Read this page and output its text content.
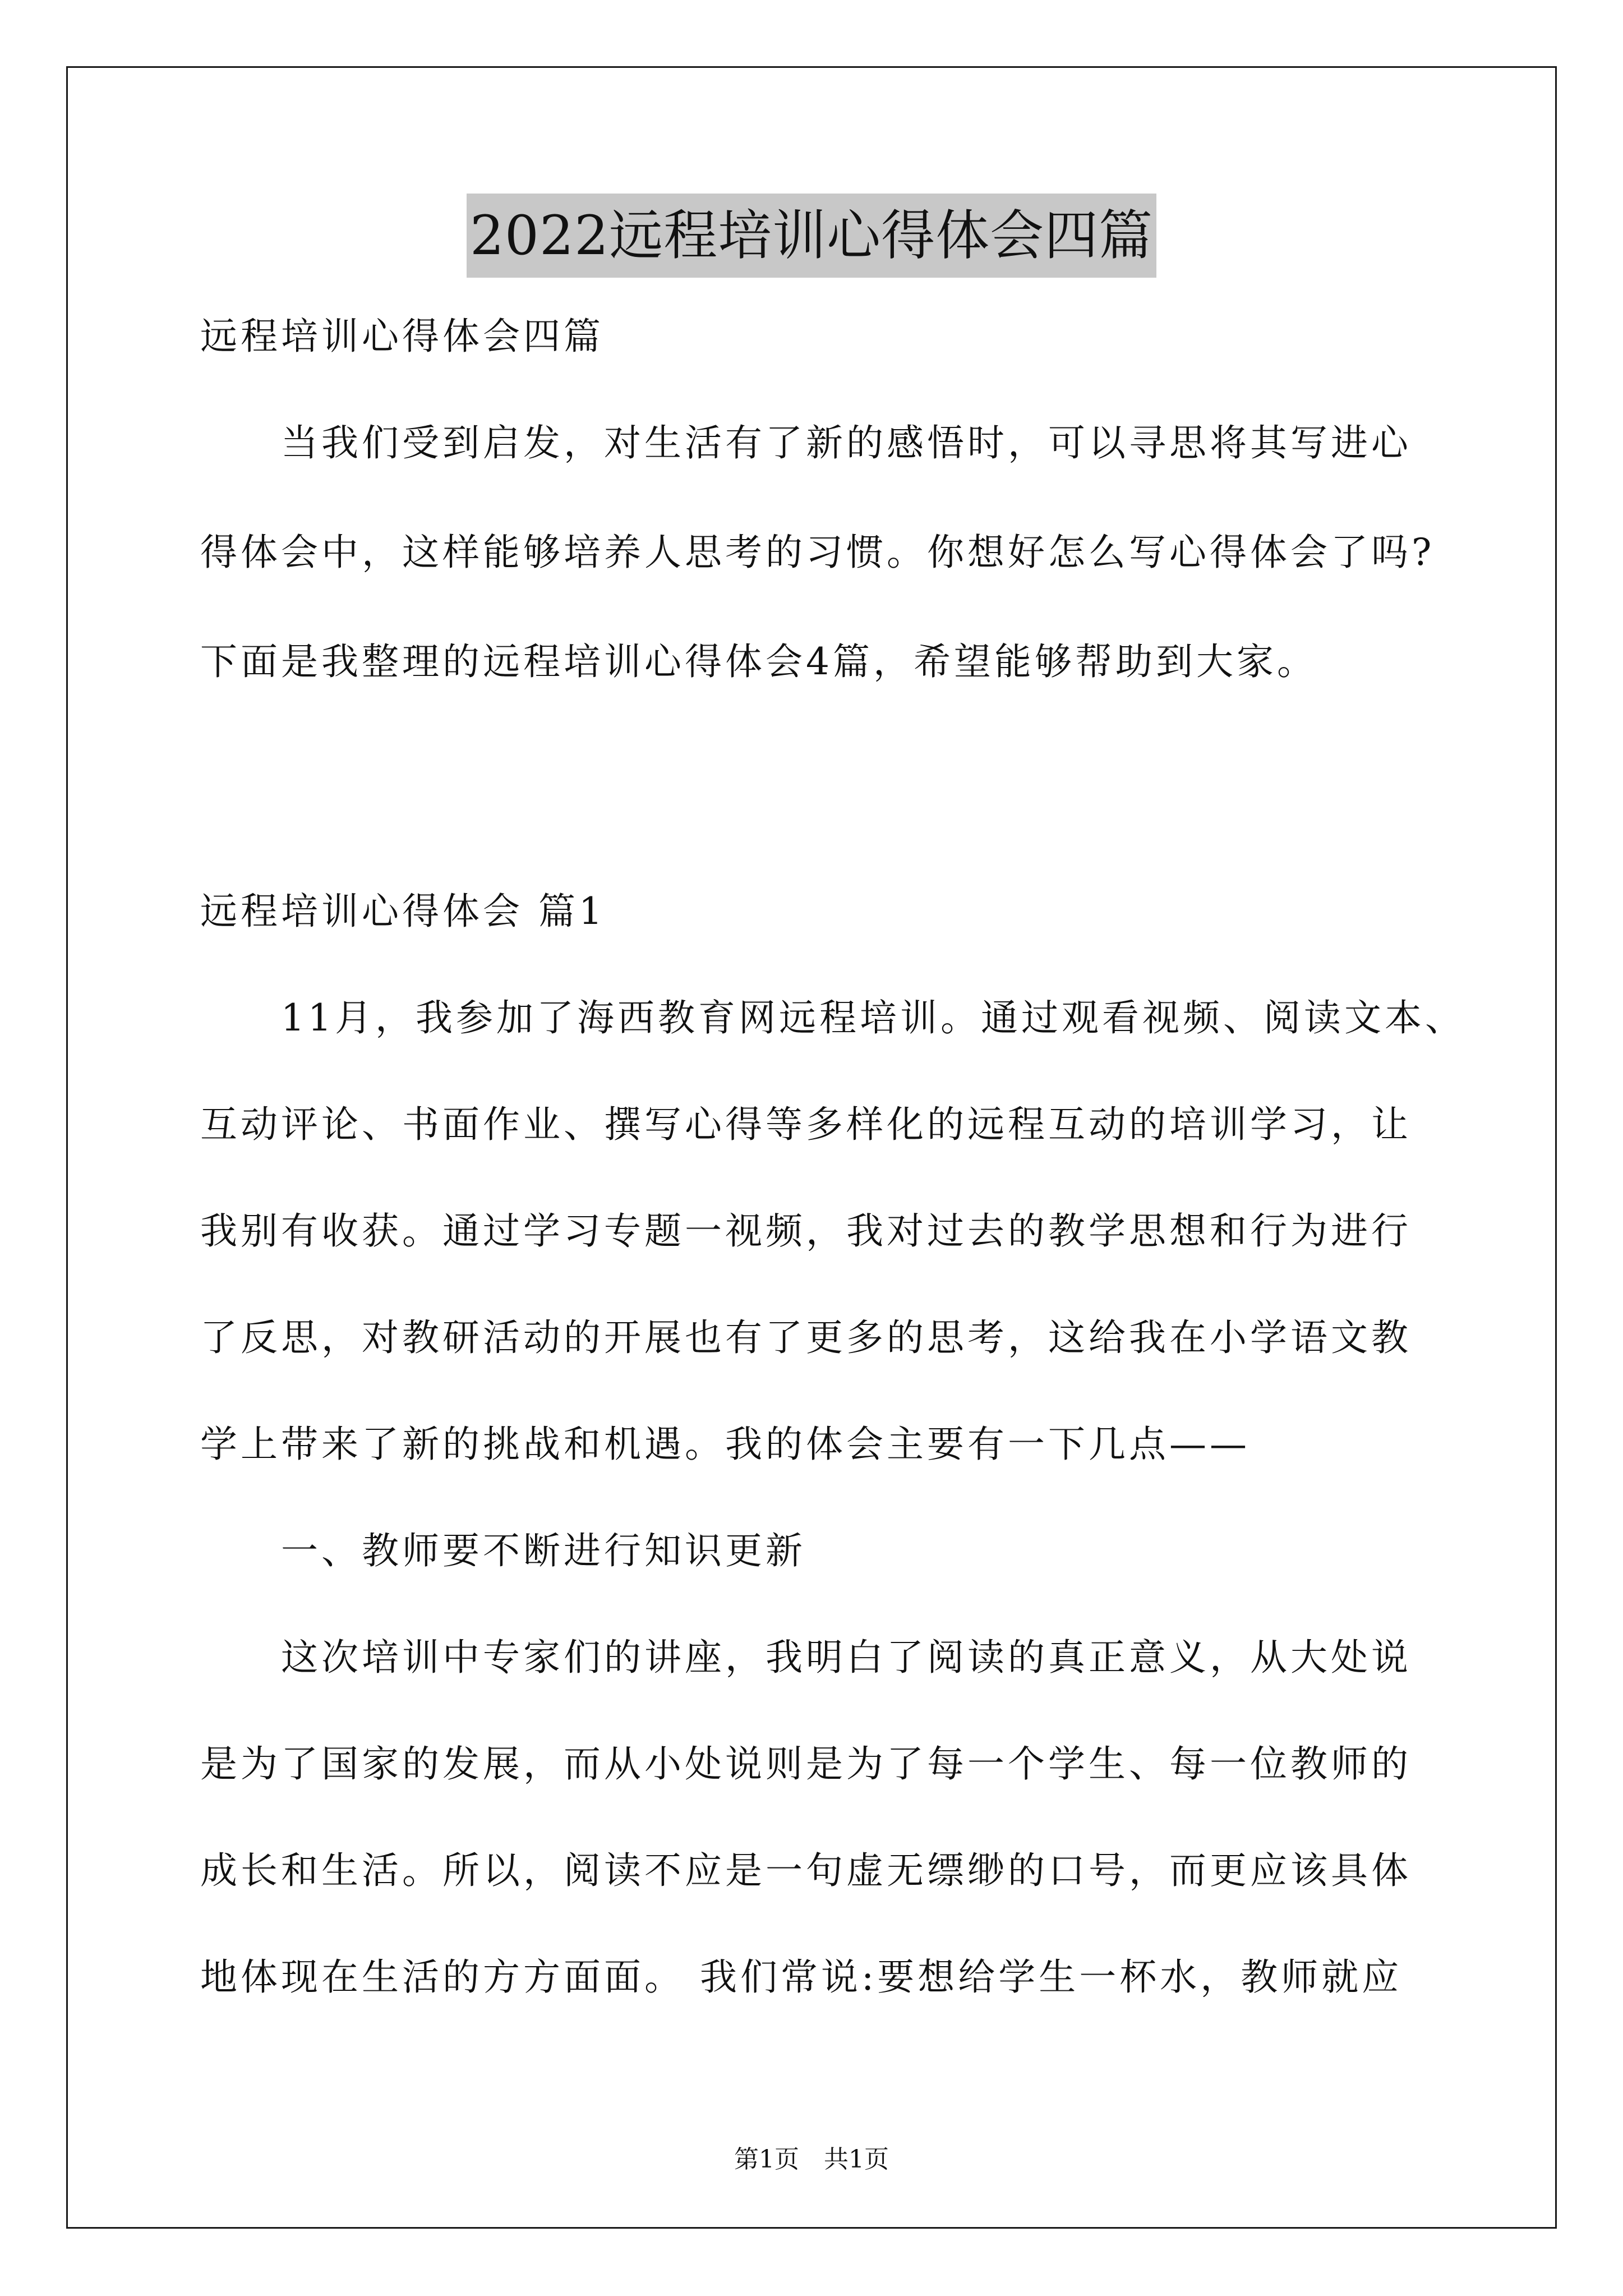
2022远程培训心得体会四篇
远程培训心得体会四篇
　　当我们受到启发，对生活有了新的感悟时，可以寻思将其写进心
得体会中，这样能够培养人思考的习惯。你想好怎么写心得体会了吗?
下面是我整理的远程培训心得体会4篇，希望能够帮助到大家。
远程培训心得体会 篇1
　　11月，我参加了海西教育网远程培训。通过观看视频、阅读文本、
互动评论、书面作业、撰写心得等多样化的远程互动的培训学习，让
我别有收获。通过学习专题一视频，我对过去的教学思想和行为进行
了反思，对教研活动的开展也有了更多的思考，这给我在小学语文教
学上带来了新的挑战和机遇。我的体会主要有一下几点——
　　一、教师要不断进行知识更新
　　这次培训中专家们的讲座，我明白了阅读的真正意义，从大处说
是为了国家的发展，而从小处说则是为了每一个学生、每一位教师的
成长和生活。所以，阅读不应是一句虚无缥缈的口号，而更应该具体
地体现在生活的方方面面。 我们常说:要想给学生一杯水，教师就应
第1页　共1页
